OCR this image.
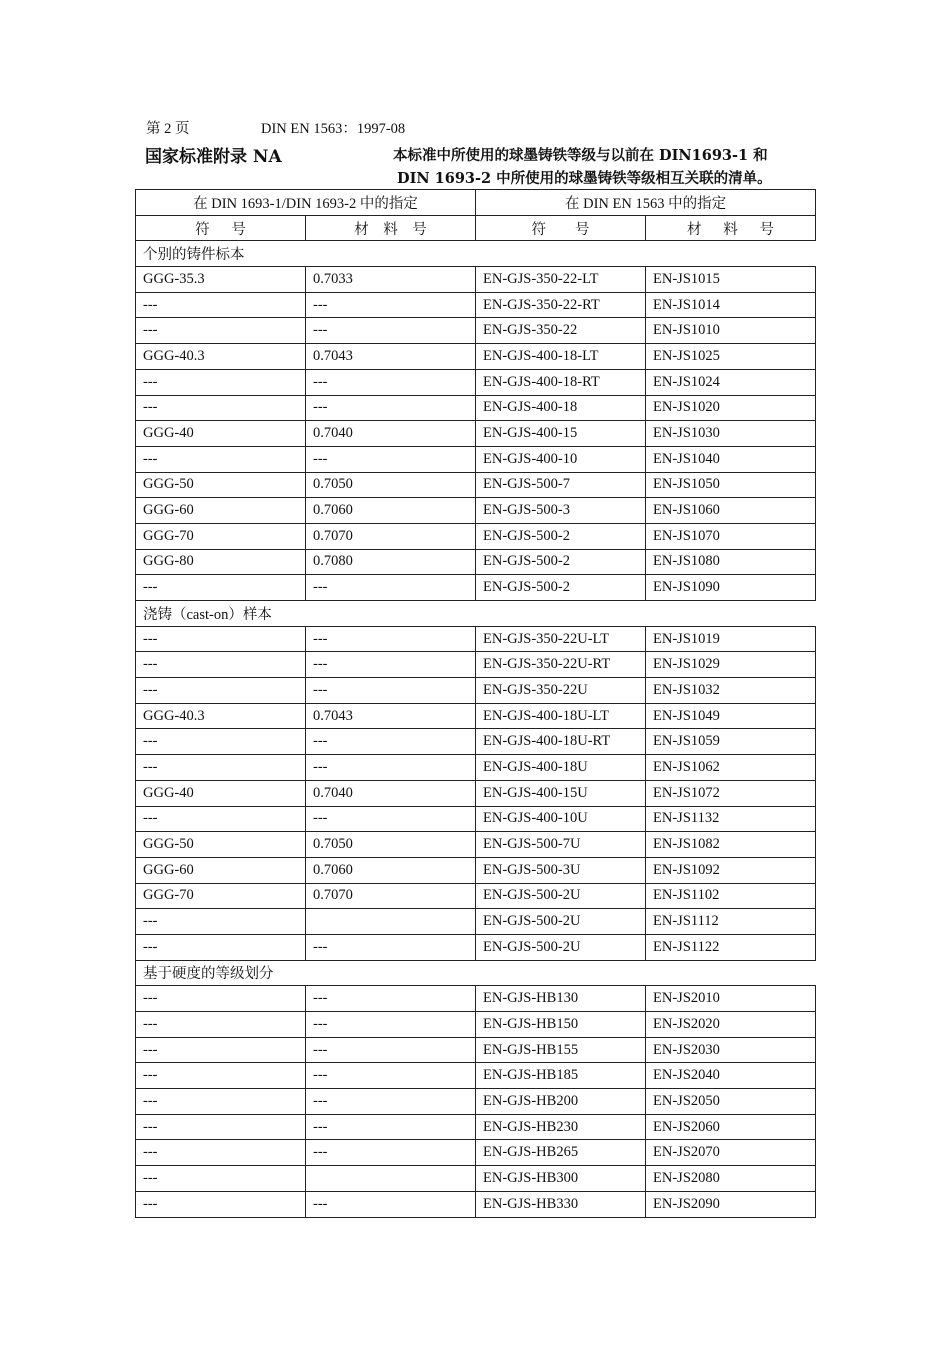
第 2 页	DIN EN 1563：1997-08
国家标准附录 NA	本标准中所使用的球墨铸铁等级与以前在 DIN1693-1 和
DIN 1693-2 中所使用的球墨铸铁等级相互关联的清单。
在 DIN 1693-1/DIN 1693-2 中的指定		在 DIN EN 1563 中的指定	
符      号	材    料    号	符        号	材      料      号
个别的铸件标本			
GGG-35.3	0.7033	EN-GJS-350-22-LT	EN-JS1015
---	---	EN-GJS-350-22-RT	EN-JS1014
---	---	EN-GJS-350-22	EN-JS1010
GGG-40.3	0.7043	EN-GJS-400-18-LT	EN-JS1025
---	---	EN-GJS-400-18-RT	EN-JS1024
---	---	EN-GJS-400-18	EN-JS1020
GGG-40	0.7040	EN-GJS-400-15	EN-JS1030
---	---	EN-GJS-400-10	EN-JS1040
GGG-50	0.7050	EN-GJS-500-7	EN-JS1050
GGG-60	0.7060	EN-GJS-500-3	EN-JS1060
GGG-70	0.7070	EN-GJS-500-2	EN-JS1070
GGG-80	0.7080	EN-GJS-500-2	EN-JS1080
---	---	EN-GJS-500-2	EN-JS1090
浇铸（cast-on）样本			
---	---	EN-GJS-350-22U-LT	EN-JS1019
---	---	EN-GJS-350-22U-RT	EN-JS1029
---	---	EN-GJS-350-22U	EN-JS1032
GGG-40.3	0.7043	EN-GJS-400-18U-LT	EN-JS1049
---	---	EN-GJS-400-18U-RT	EN-JS1059
---	---	EN-GJS-400-18U	EN-JS1062
GGG-40	0.7040	EN-GJS-400-15U	EN-JS1072
---	---	EN-GJS-400-10U	EN-JS1132
GGG-50	0.7050	EN-GJS-500-7U	EN-JS1082
GGG-60	0.7060	EN-GJS-500-3U	EN-JS1092
GGG-70	0.7070	EN-GJS-500-2U	EN-JS1102
---		EN-GJS-500-2U	EN-JS1112
---	---	EN-GJS-500-2U	EN-JS1122
基于硬度的等级划分			
---	---	EN-GJS-HB130	EN-JS2010
---	---	EN-GJS-HB150	EN-JS2020
---	---	EN-GJS-HB155	EN-JS2030
---	---	EN-GJS-HB185	EN-JS2040
---	---	EN-GJS-HB200	EN-JS2050
---	---	EN-GJS-HB230	EN-JS2060
---	---	EN-GJS-HB265	EN-JS2070
---		EN-GJS-HB300	EN-JS2080
---	---	EN-GJS-HB330	EN-JS2090
